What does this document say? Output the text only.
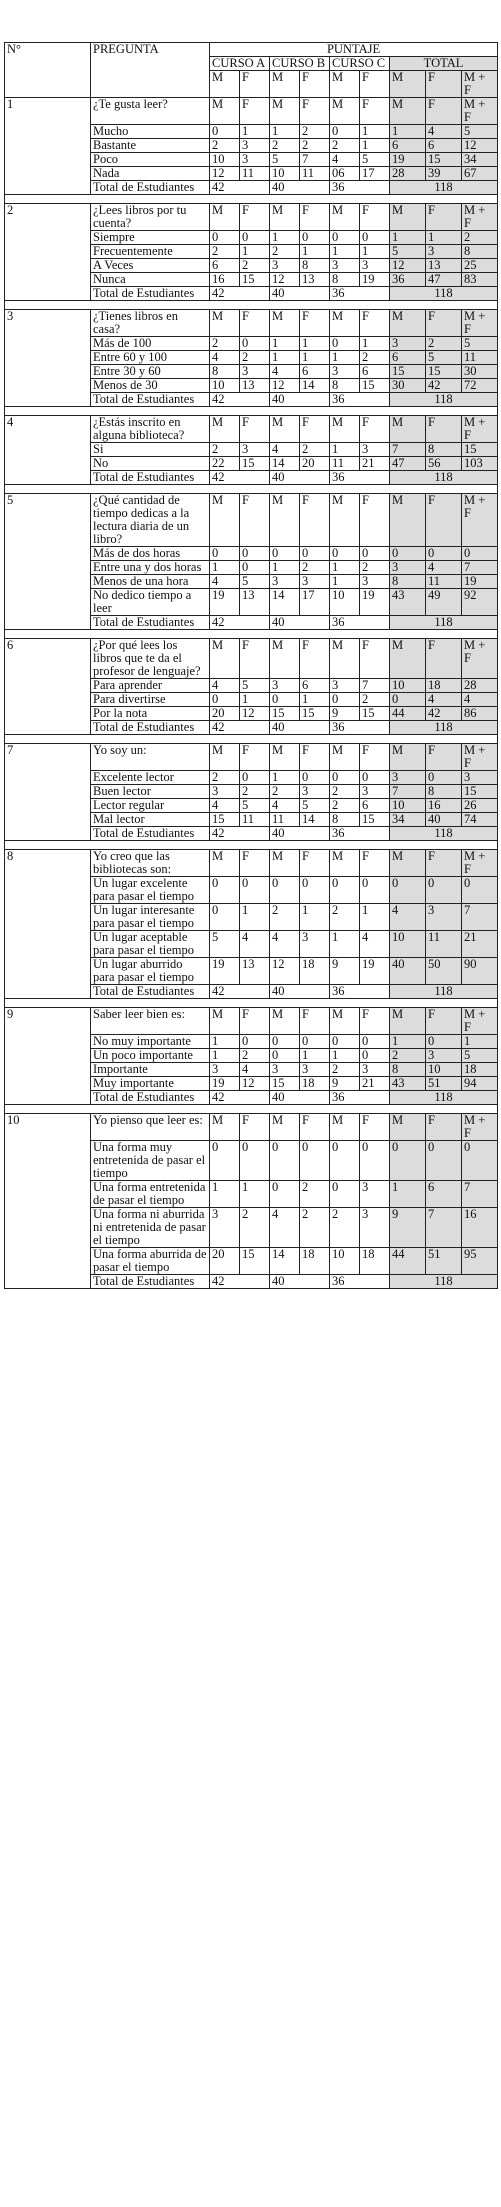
N°	PREGUNTA	PUNTAJE								
		CURSO A		CURSO B		CURSO C		TOTAL		
		M	F	M	F	M	F	M	F	M + F
1	¿Te gusta leer?	M	F	M	F	M	F	M	F	M + F
	Mucho	0	1	1	2	0	1	1	4	5
	Bastante	2	3	2	2	2	1	6	6	12
	Poco	10	3	5	7	4	5	19	15	34
	Nada	12	11	10	11	06	17	28	39	67
	Total de Estudiantes	42		40		36		118		

2	¿Lees libros por tu cuenta?	M	F	M	F	M	F	M	F	M + F
	Siempre	0	0	1	0	0	0	1	1	2
	Frecuentemente	2	1	2	1	1	1	5	3	8
	A Veces	6	2	3	8	3	3	12	13	25
	Nunca	16	15	12	13	8	19	36	47	83
	Total de Estudiantes	42		40		36		118		

3	¿Tienes libros en casa?	M	F	M	F	M	F	M	F	M + F
	Más de 100	2	0	1	1	0	1	3	2	5
	Entre 60 y 100	4	2	1	1	1	2	6	5	11
	Entre 30 y 60	8	3	4	6	3	6	15	15	30
	Menos de 30	10	13	12	14	8	15	30	42	72
	Total de Estudiantes	42		40		36		118		

4	¿Estás inscrito en alguna biblioteca?	M	F	M	F	M	F	M	F	M + F
	Si	2	3	4	2	1	3	7	8	15
	No	22	15	14	20	11	21	47	56	103
	Total de Estudiantes	42		40		36		118		

5	¿Qué cantidad de tiempo dedicas a la lectura diaria de un libro?	M	F	M	F	M	F	M	F	M + F
	Más de dos horas	0	0	0	0	0	0	0	0	0
	Entre una y dos horas	1	0	1	2	1	2	3	4	7
	Menos de una hora	4	5	3	3	1	3	8	11	19
	No dedico tiempo a leer	19	13	14	17	10	19	43	49	92
	Total de Estudiantes	42		40		36		118		

6	¿Por qué lees los libros que te da el profesor de lenguaje?	M	F	M	F	M	F	M	F	M + F
	Para aprender	4	5	3	6	3	7	10	18	28
	Para divertirse	0	1	0	1	0	2	0	4	4
	Por la nota	20	12	15	15	9	15	44	42	86
	Total de Estudiantes	42		40		36		118		

7	Yo soy un:	M	F	M	F	M	F	M	F	M + F
	Excelente lector	2	0	1	0	0	0	3	0	3
	Buen lector	3	2	2	3	2	3	7	8	15
	Lector regular	4	5	4	5	2	6	10	16	26
	Mal lector	15	11	11	14	8	15	34	40	74
	Total de Estudiantes	42		40		36		118		

8	Yo creo que las bibliotecas son:	M	F	M	F	M	F	M	F	M + F
	Un lugar excelente para pasar el tiempo	0	0	0	0	0	0	0	0	0
	Un lugar interesante para pasar el tiempo	0	1	2	1	2	1	4	3	7
	Un lugar aceptable para pasar el tiempo	5	4	4	3	1	4	10	11	21
	Un lugar aburrido para pasar el tiempo	19	13	12	18	9	19	40	50	90
	Total de Estudiantes	42		40		36		118		

9	Saber leer bien es:	M	F	M	F	M	F	M	F	M + F
	No muy importante	1	0	0	0	0	0	1	0	1
	Un poco importante	1	2	0	1	1	0	2	3	5
	Importante	3	4	3	3	2	3	8	10	18
	Muy importante	19	12	15	18	9	21	43	51	94
	Total de Estudiantes	42		40		36		118		

10	Yo pienso que leer es:	M	F	M	F	M	F	M	F	M + F
	Una forma muy entretenida de pasar el tiempo	0	0	0	0	0	0	0	0	0
	Una forma entretenida de pasar el tiempo	1	1	0	2	0	3	1	6	7
	Una forma ni aburrida ni entretenida de pasar el tiempo	3	2	4	2	2	3	9	7	16
	Una forma aburrida de pasar el tiempo	20	15	14	18	10	18	44	51	95
	Total de Estudiantes	42		40		36		118		
